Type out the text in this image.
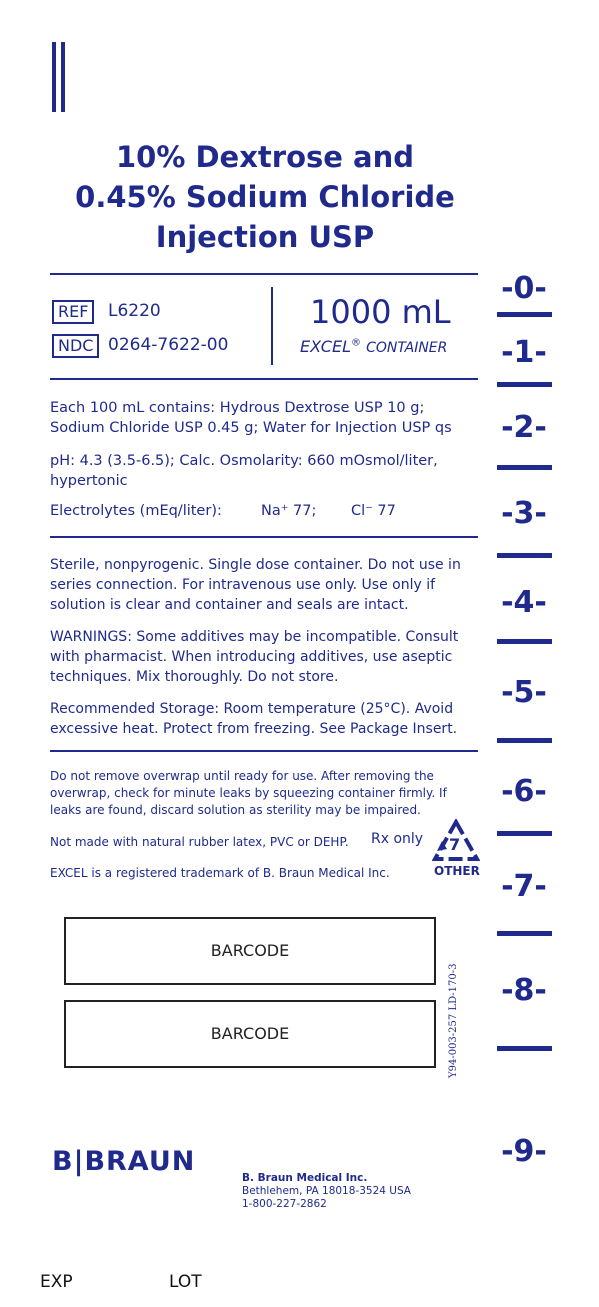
10% Dextrose and
0.45% Sodium Chloride
Injection USP
REF	L6220
NDC 0264-7622-00
1000 mL
EXCEL® CONTAINER
Each 100 mL contains: Hydrous Dextrose USP 10 g;
Sodium Chloride USP 0.45 g; Water for Injection USP qs
pH: 4.3 (3.5-6.5); Calc. Osmolarity: 660 mOsmol/liter,
hypertonic
Electrolytes (mEq/liter):	Na⁺ 77; Cl⁻ 77
Sterile, nonpyrogenic. Single dose container. Do not use in series connection. For intravenous use only. Use only if solution is clear and container and seals are intact.
WARNINGS: Some additives may be incompatible. Consult with pharmacist. When introducing additives, use aseptic techniques. Mix thoroughly. Do not store.
Recommended Storage: Room temperature (25°C). Avoid excessive heat. Protect from freezing. See Package Insert.
Do not remove overwrap until ready for use. After removing the overwrap, check for minute leaks by squeezing container firmly. If leaks are found, discard solution as sterility may be impaired.
Not made with natural rubber latex, PVC or DEHP.	Rx only
EXCEL is a registered trademark of B. Braun Medical Inc.
7
OTHER
BARCODE
BARCODE	Y94-003-257 LD-170-3
-0-
-1-
-2-
-3-
-4-
-5-
-6-
-7-
-8-
-9-
B|BRAUN
B. Braun Medical Inc.
Bethlehem, PA 18018-3524 USA
1-800-227-2862
EXP	LOT
